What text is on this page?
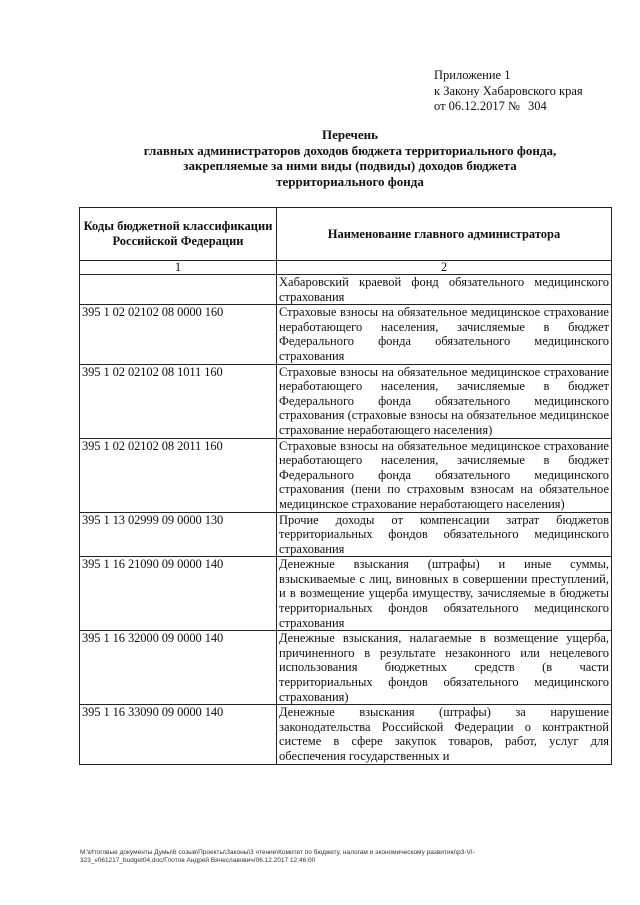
Приложение 1
к Закону Хабаровского края
от 06.12.2017 № 304
Перечень
главных администраторов доходов бюджета территориального фонда,
закрепляемые за ними виды (подвиды) доходов бюджета
территориального фонда
Коды бюджетной классификации Российской Федерации	Наименование главного администратора
1	2
	Хабаровский краевой фонд обязательного медицинского страхования
395 1 02 02102 08 0000 160	Страховые взносы на обязательное медицинское страхование неработающего населения, зачисляемые в бюджет Федерального фонда обязательного медицинского страхования
395 1 02 02102 08 1011 160	Страховые взносы на обязательное медицинское страхование неработающего населения, зачисляемые в бюджет Федерального фонда обязательного медицинского страхования (страховые взносы на обязательное медицинское страхование неработающего населения)
395 1 02 02102 08 2011 160	Страховые взносы на обязательное медицинское страхование неработающего населения, зачисляемые в бюджет Федерального фонда обязательного медицинского страхования (пени по страховым взносам на обязательное медицинское страхование неработающего населения)
395 1 13 02999 09 0000 130	Прочие доходы от компенсации затрат бюджетов территориальных фондов обязательного медицинского страхования
395 1 16 21090 09 0000 140	Денежные взыскания (штрафы) и иные суммы, взыскиваемые с лиц, виновных в совершении преступлений, и в возмещение ущерба имуществу, зачисляемые в бюджеты территориальных фондов обязательного медицинского страхования
395 1 16 32000 09 0000 140	Денежные взыскания, налагаемые в возмещение ущерба, причиненного в результате незаконного или нецелевого использования бюджетных средств (в части территориальных фондов обязательного медицинского страхования)
395 1 16 33090 09 0000 140	Денежные взыскания (штрафы) за нарушение законодательства Российской Федерации о контрактной системе в сфере закупок товаров, работ, услуг для обеспечения государственных и
M:\Итоговые документы Думы\6 созыв\Проекты\Законы\3 чтение\Комитет по бюджету, налогам и экономическому развитию\p3-VI-
323_v061217_budget04.doc/Глотов Андрей Вячеславович/06.12.2017 12:46:00
